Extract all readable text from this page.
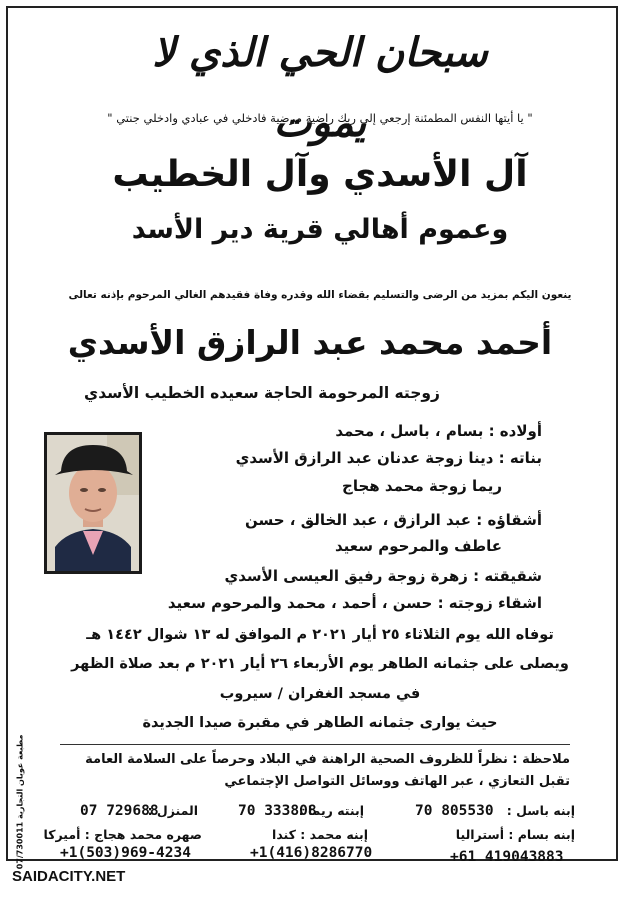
سبحان الحي الذي لا يموت
" يا أيتها النفس المطمئنة إرجعي إلى ربك راضية مرضية فادخلي في عبادي وادخلي جنتي "
آل الأسدي وآل الخطيب
وعموم أهالي قرية دير الأسد
ينعون اليكم بمزيد من الرضى والتسليم بقضاء الله وقدره وفاة فقيدهم الغالي المرحوم بإذنه تعالى
أحمد محمد عبد الرازق الأسدي
زوجته المرحومة الحاجة سعيده الخطيب الأسدي
أولاده : بسام ، باسل ، محمد
بناته : دينا زوجة عدنان عبد الرازق الأسدي
ريما زوجة محمد هجاج
أشقاؤه : عبد الرازق ، عبد الخالق ، حسن
عاطف والمرحوم سعيد
شقيقته : زهرة زوجة رفيق العيسى الأسدي
اشقاء زوجته : حسن ، أحمد ، محمد والمرحوم سعيد
توفاه الله يوم الثلاثاء ٢٥ أيار ٢٠٢١ م الموافق له ١٣ شوال ١٤٤٢ هـ
ويصلى على جثمانه الطاهر يوم الأربعاء ٢٦ أيار ٢٠٢١ م بعد صلاة الظهر
في مسجد الغفران / سيروب
حيث يوارى جثمانه الطاهر في مقبرة صيدا الجديدة
ملاحظة : نظراً للظروف الصحية الراهنة في البلاد وحرصاً على السلامة العامة
تقبل التعازي ، عبر الهاتف ووسائل التواصل الإجتماعي
إبنه باسل :
70 805530
إبنته ريما :
70 333808
المنزل :
07 729688
إبنه بسام : أستراليا
+61 419043883
إبنه محمد : كندا
+1(416)8286770
صهره محمد هجاج : أميركا
+1(503)969-4234
مطبعة عوبان التجارية 07/730011
SAIDACITY.NET
